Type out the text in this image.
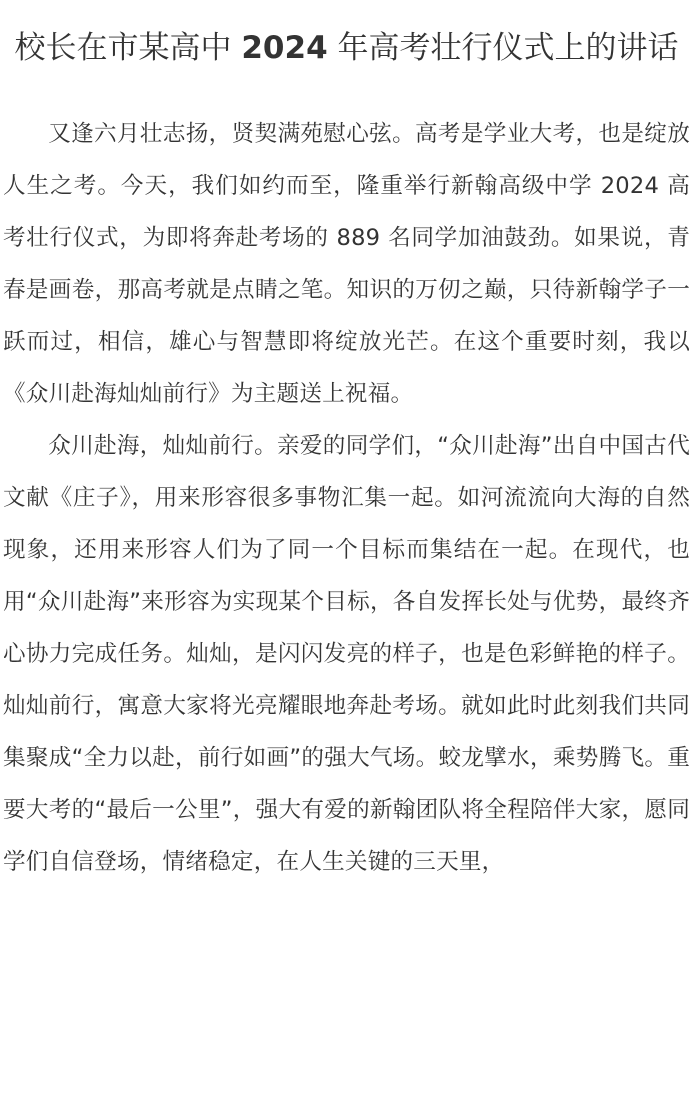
校长在市某高中 2024 年高考壮行仪式上的讲话

又逢六月壮志扬，贤契满苑慰心弦。高考是学业大考，也是绽放人生之考。今天，我们如约而至，隆重举行新翰高级中学 2024 高考壮行仪式，为即将奔赴考场的 889 名同学加油鼓劲。如果说，青春是画卷，那高考就是点睛之笔。知识的万仞之巅，只待新翰学子一跃而过，相信，雄心与智慧即将绽放光芒。在这个重要时刻，我以《众川赴海灿灿前行》为主题送上祝福。

众川赴海，灿灿前行。亲爱的同学们，“众川赴海”出自中国古代文献《庄子》，用来形容很多事物汇集一起。如河流流向大海的自然现象，还用来形容人们为了同一个目标而集结在一起。在现代，也用“众川赴海”来形容为实现某个目标，各自发挥长处与优势，最终齐心协力完成任务。灿灿，是闪闪发亮的样子，也是色彩鲜艳的样子。灿灿前行，寓意大家将光亮耀眼地奔赴考场。就如此时此刻我们共同集聚成“全力以赴，前行如画”的强大气场。蛟龙擘水，乘势腾飞。重要大考的“最后一公里”，强大有爱的新翰团队将全程陪伴大家，愿同学们自信登场，情绪稳定，在人生关键的三天里，
